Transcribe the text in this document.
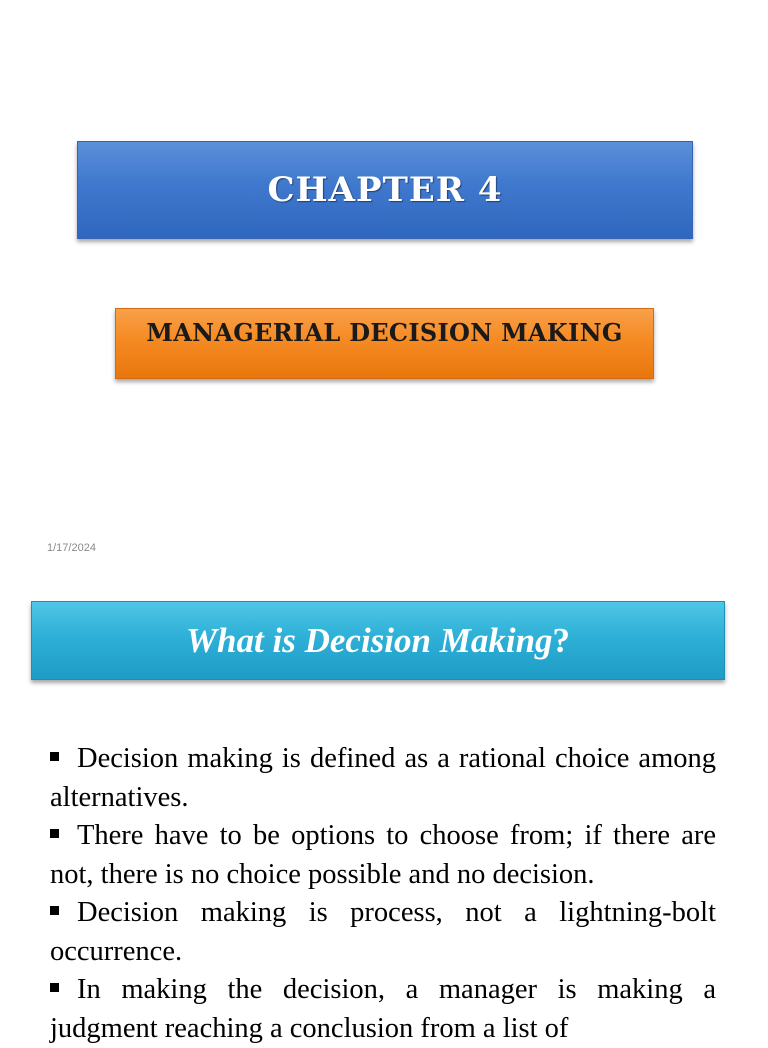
CHAPTER 4
MANAGERIAL DECISION MAKING
1/17/2024
What is Decision Making?
Decision making is defined as a rational choice among alternatives.
There have to be options to choose from; if there are not, there is no choice possible and no decision.
Decision making is process, not a lightning-bolt occurrence.
In making the decision, a manager is making a judgment reaching a conclusion from a list of
